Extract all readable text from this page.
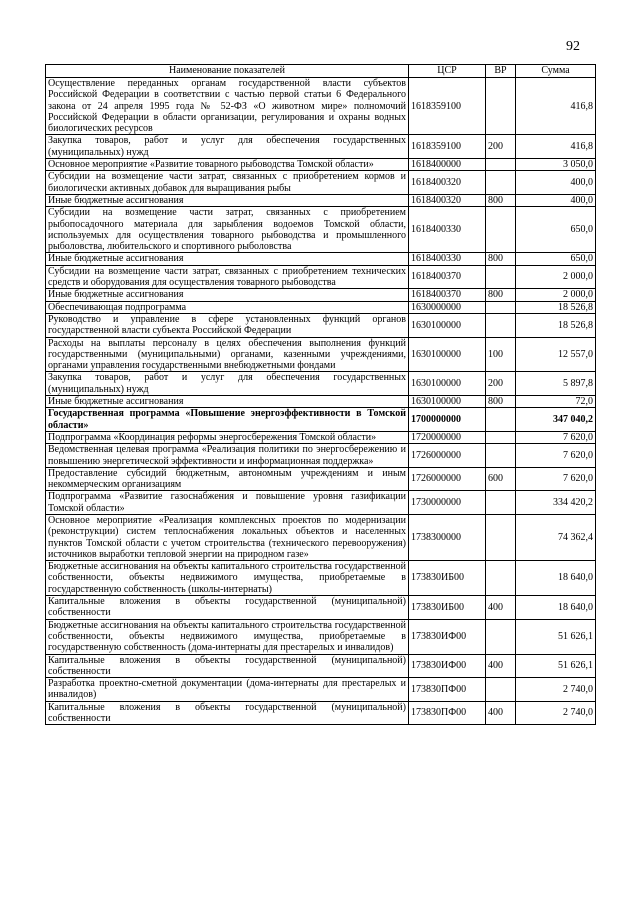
92
Наименование показателей	ЦСР	ВР	Сумма
Осуществление переданных органам государственной власти субъектов Российской Федерации в соответствии с частью первой статьи 6 Федерального закона от 24 апреля 1995 года № 52-ФЗ «О животном мире» полномочий Российской Федерации в области организации, регулирования и охраны водных биологических ресурсов	1618359100		416,8
Закупка товаров, работ и услуг для обеспечения государственных (муниципальных) нужд	1618359100	200	416,8
Основное мероприятие «Развитие товарного рыбоводства Томской области»	1618400000		3 050,0
Субсидии на возмещение части затрат, связанных с приобретением кормов и биологически активных добавок для выращивания рыбы	1618400320		400,0
Иные бюджетные ассигнования	1618400320	800	400,0
Субсидии на возмещение части затрат, связанных с приобретением рыбопосадочного материала для зарыбления водоемов Томской области, используемых для осуществления товарного рыбоводства и промышленного рыболовства, любительского и спортивного рыболовства	1618400330		650,0
Иные бюджетные ассигнования	1618400330	800	650,0
Субсидии на возмещение части затрат, связанных с приобретением технических средств и оборудования для осуществления товарного рыбоводства	1618400370		2 000,0
Иные бюджетные ассигнования	1618400370	800	2 000,0
Обеспечивающая подпрограмма	1630000000		18 526,8
Руководство и управление в сфере установленных функций органов государственной власти субъекта Российской Федерации	1630100000		18 526,8
Расходы на выплаты персоналу в целях обеспечения выполнения функций государственными (муниципальными) органами, казенными учреждениями, органами управления государственными внебюджетными фондами	1630100000	100	12 557,0
Закупка товаров, работ и услуг для обеспечения государственных (муниципальных) нужд	1630100000	200	5 897,8
Иные бюджетные ассигнования	1630100000	800	72,0
Государственная программа «Повышение энергоэффективности в Томской области»	1700000000		347 040,2
Подпрограмма «Координация реформы энергосбережения Томской области»	1720000000		7 620,0
Ведомственная целевая программа «Реализация политики по энергосбережению и повышению энергетической эффективности и информационная поддержка»	1726000000		7 620,0
Предоставление субсидий бюджетным, автономным учреждениям и иным некоммерческим организациям	1726000000	600	7 620,0
Подпрограмма «Развитие газоснабжения и повышение уровня газификации Томской области»	1730000000		334 420,2
Основное мероприятие «Реализация комплексных проектов по модернизации (реконструкции) систем теплоснабжения локальных объектов и населенных пунктов Томской области с учетом строительства (технического перевооружения) источников выработки тепловой энергии на природном газе»	1738300000		74 362,4
Бюджетные ассигнования на объекты капитального строительства государственной собственности, объекты недвижимого имущества, приобретаемые в государственную собственность (школы-интернаты)	173830ИБ00		18 640,0
Капитальные вложения в объекты государственной (муниципальной) собственности	173830ИБ00	400	18 640,0
Бюджетные ассигнования на объекты капитального строительства государственной собственности, объекты недвижимого имущества, приобретаемые в государственную собственность (дома-интернаты для престарелых и инвалидов)	173830ИФ00		51 626,1
Капитальные вложения в объекты государственной (муниципальной) собственности	173830ИФ00	400	51 626,1
Разработка проектно-сметной документации (дома-интернаты для престарелых и инвалидов)	173830ПФ00		2 740,0
Капитальные вложения в объекты государственной (муниципальной) собственности	173830ПФ00	400	2 740,0
